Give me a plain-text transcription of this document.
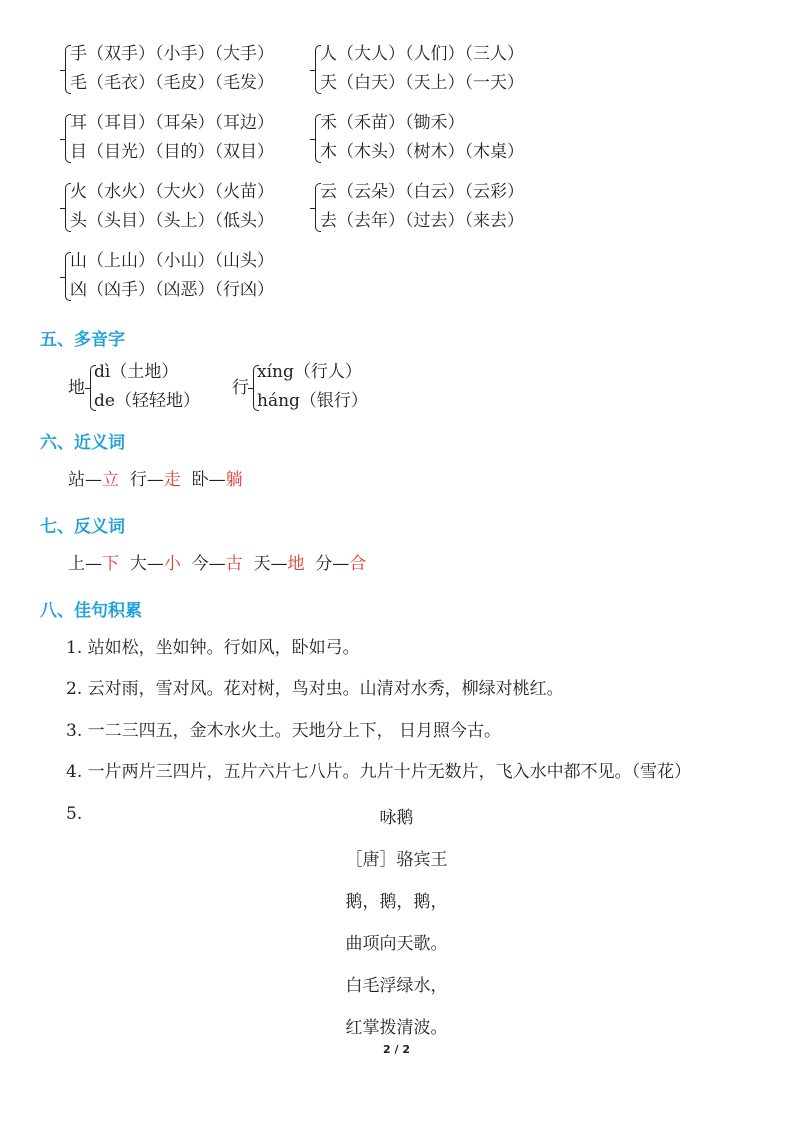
手（双手）（小手）（大手）
毛（毛衣）（毛皮）（毛发）
人（大人）（人们）（三人）
天（白天）（天上）（一天）
耳（耳目）（耳朵）（耳边）
目（目光）（目的）（双目）
禾（禾苗）（锄禾）
木（木头）（树木）（木桌）
火（水火）（大火）（火苗）
头（头目）（头上）（低头）
云（云朵）（白云）（云彩）
去（去年）（过去）（来去）
山（上山）（小山）（山头）
凶（凶手）（凶恶）（行凶）
五、多音字
地
dì（土地）
de（轻轻地）
行
xíng（行人）
háng（银行）
六、近义词
站—立 行—走 卧—躺
七、反义词
上—下 大—小 今—古 天—地 分—合
八、佳句积累
1. 站如松，坐如钟。行如风，卧如弓。
2. 云对雨，雪对风。花对树，鸟对虫。山清对水秀，柳绿对桃红。
3. 一二三四五，金木水火土。天地分上下， 日月照今古。
4. 一片两片三四片，五片六片七八片。九片十片无数片，飞入水中都不见。（雪花）
5.	咏鹅
［唐］骆宾王
鹅，鹅，鹅，
曲项向天歌。
白毛浮绿水，
红掌拨清波。
2 / 2
